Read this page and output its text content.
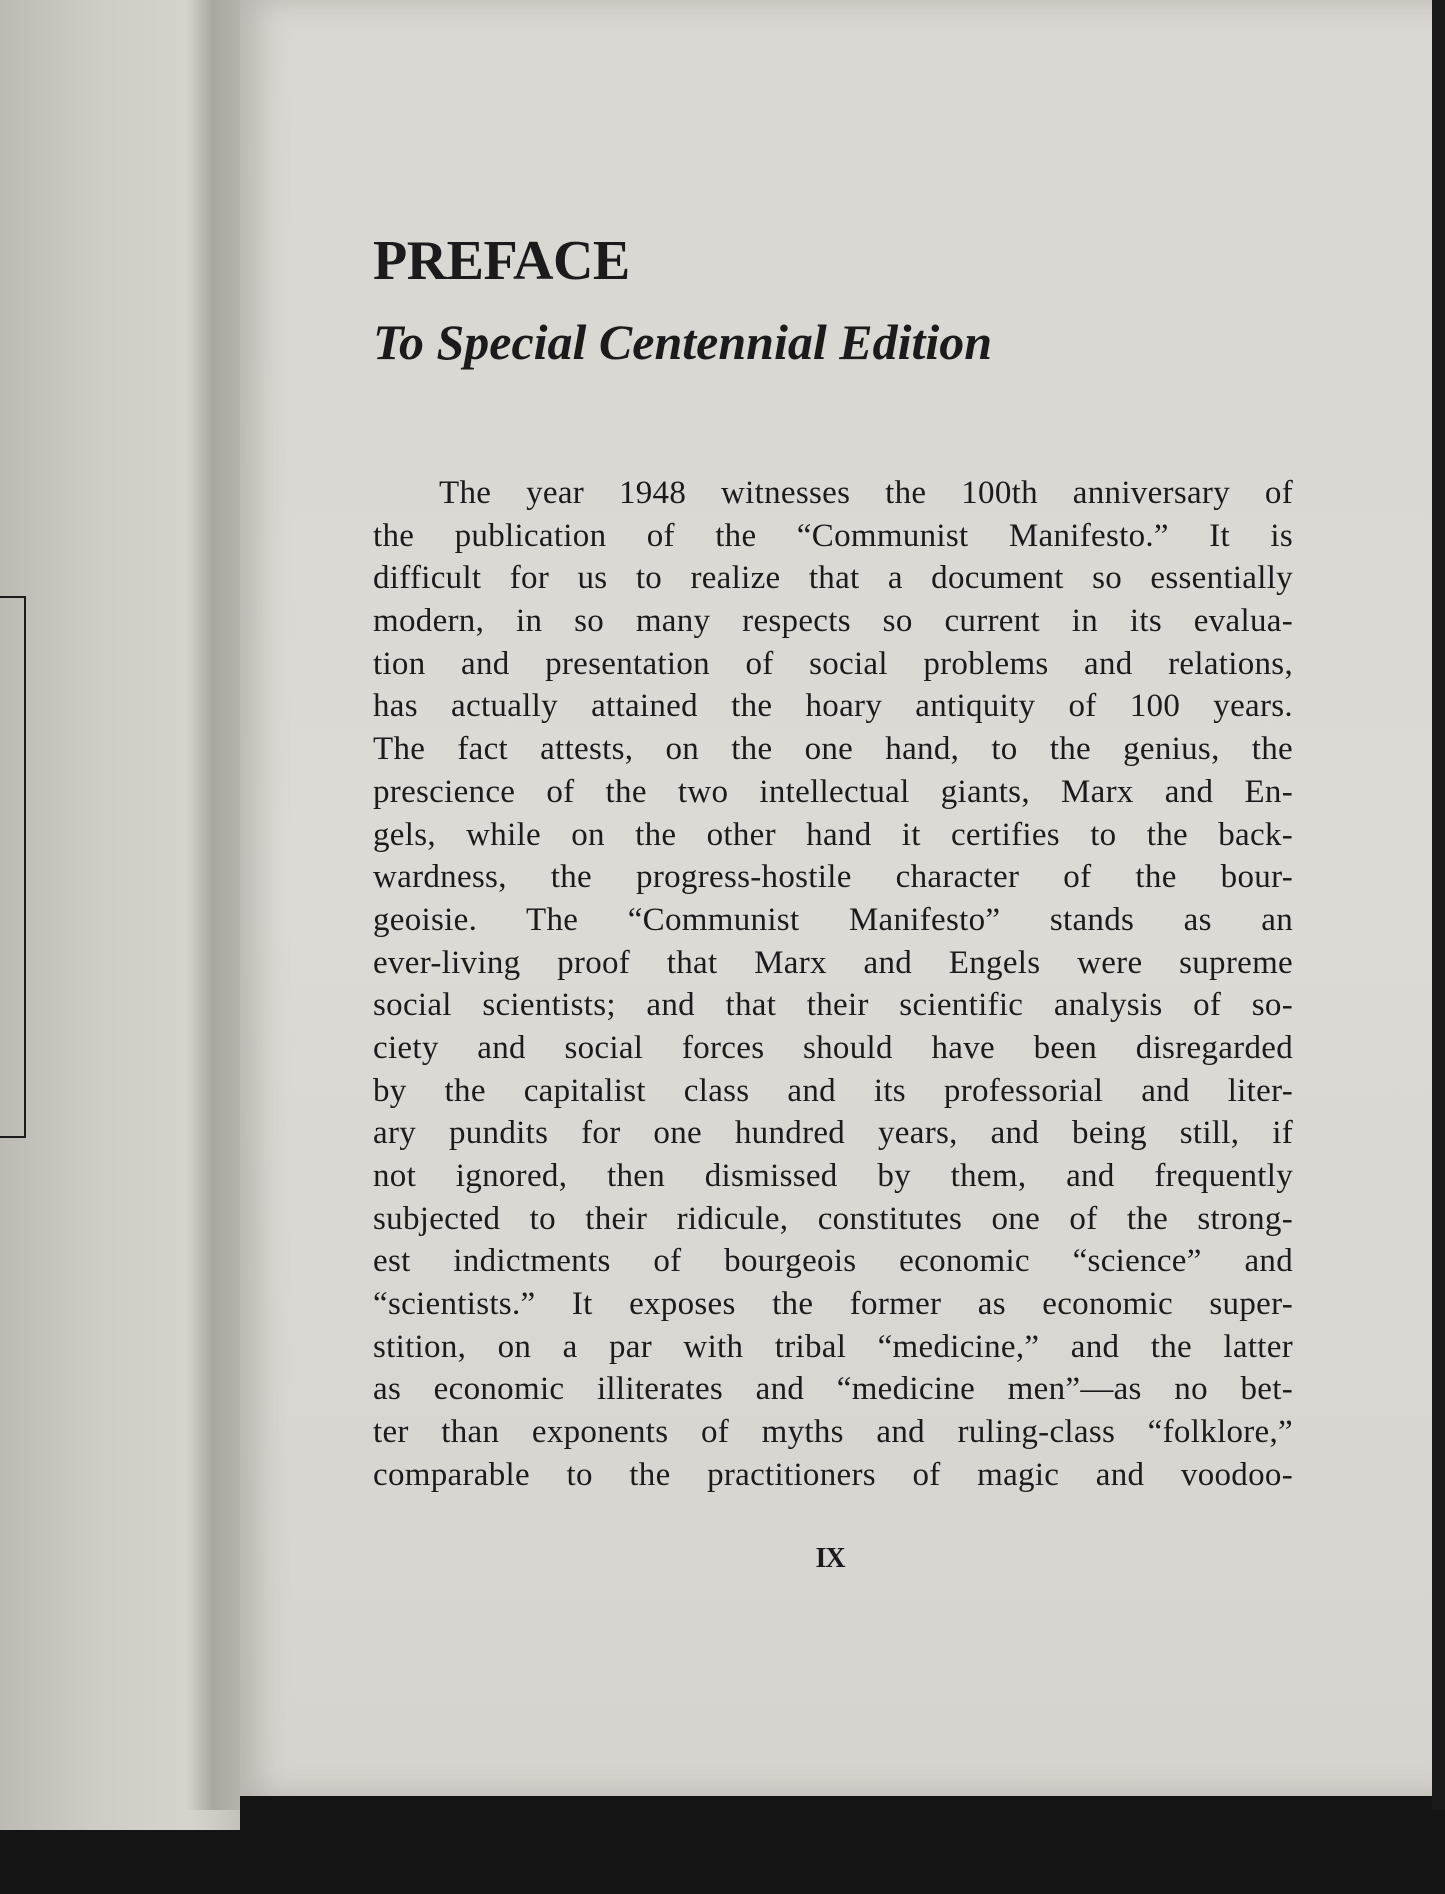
PREFACE
To Special Centennial Edition
The year 1948 witnesses the 100th anniversary of
the publication of the “Communist Manifesto.” It is
difficult for us to realize that a document so essentially
modern, in so many respects so current in its evalua-
tion and presentation of social problems and relations,
has actually attained the hoary antiquity of 100 years.
The fact attests, on the one hand, to the genius, the
prescience of the two intellectual giants, Marx and En-
gels, while on the other hand it certifies to the back-
wardness, the progress-hostile character of the bour-
geoisie. The “Communist Manifesto” stands as an
ever-living proof that Marx and Engels were supreme
social scientists; and that their scientific analysis of so-
ciety and social forces should have been disregarded
by the capitalist class and its professorial and liter-
ary pundits for one hundred years, and being still, if
not ignored, then dismissed by them, and frequently
subjected to their ridicule, constitutes one of the strong-
est indictments of bourgeois economic “science” and
“scientists.” It exposes the former as economic super-
stition, on a par with tribal “medicine,” and the latter
as economic illiterates and “medicine men”—as no bet-
ter than exponents of myths and ruling-class “folklore,”
comparable to the practitioners of magic and voodoo-
IX
